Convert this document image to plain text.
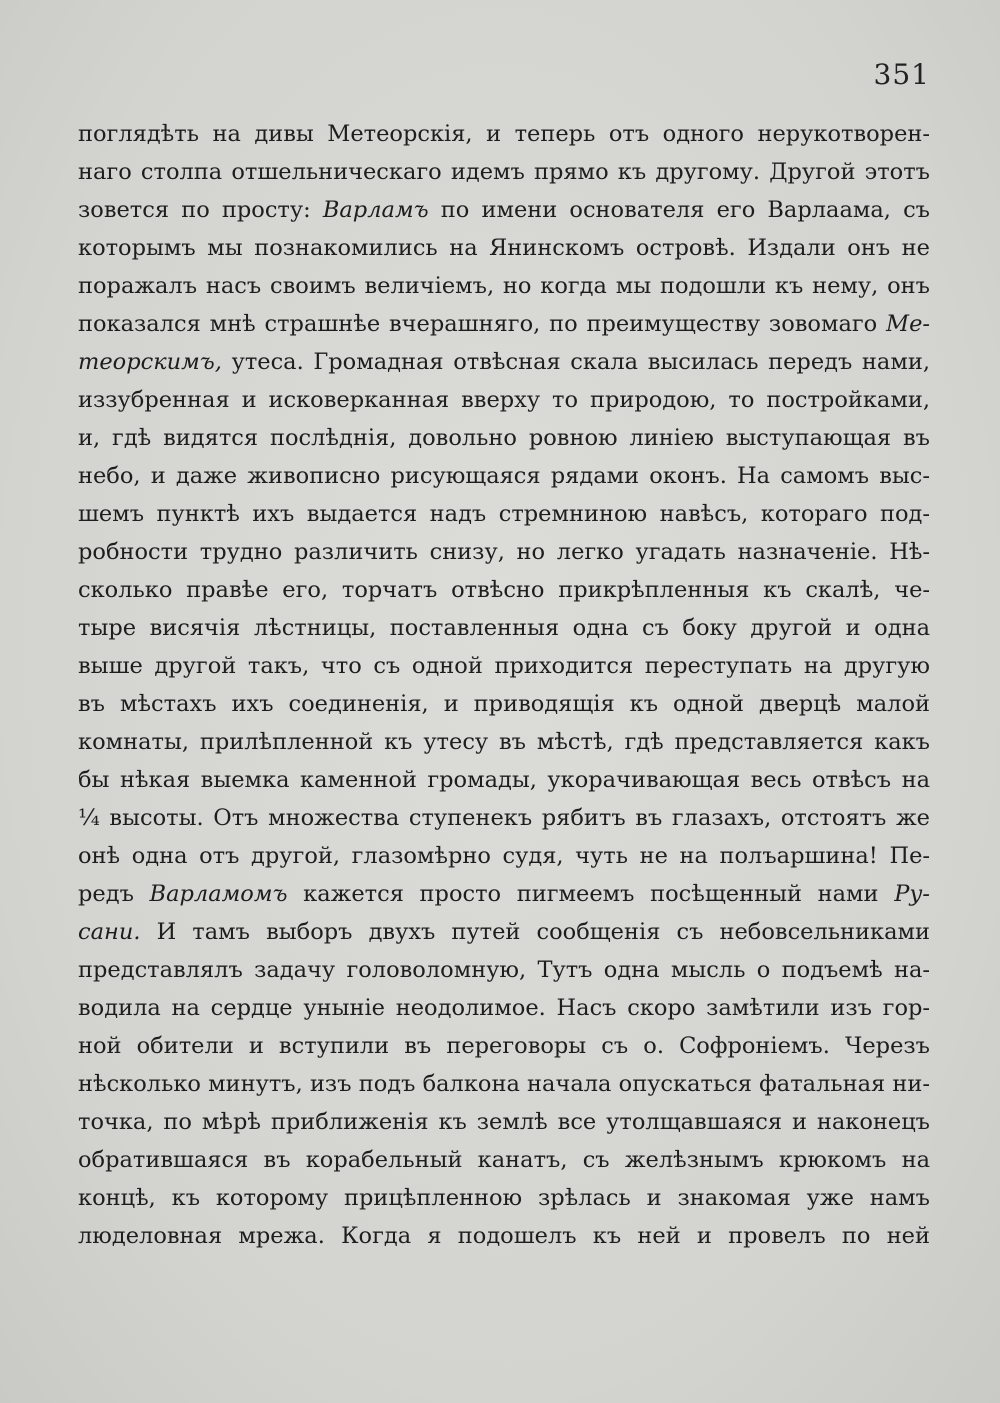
351
поглядѣть на дивы Метеорскія, и теперь отъ одного нерукотворен-
наго столпа отшельническаго идемъ прямо къ другому. Другой этотъ
зовется по просту: Варламъ по имени основателя его Варлаама, съ
которымъ мы познакомились на Янинскомъ островѣ. Издали онъ не
поражалъ насъ своимъ величіемъ, но когда мы подошли къ нему, онъ
показался мнѣ страшнѣе вчерашняго, по преимуществу зовомаго Ме-
теорскимъ, утеса. Громадная отвѣсная скала высилась передъ нами,
иззубренная и исковерканная вверху то природою, то постройками,
и, гдѣ видятся послѣднія, довольно ровною линіею выступающая въ
небо, и даже живописно рисующаяся рядами оконъ. На самомъ выс-
шемъ пунктѣ ихъ выдается надъ стремниною навѣсъ, котораго под-
робности трудно различить снизу, но легко угадать назначеніе. Нѣ-
сколько правѣе его, торчатъ отвѣсно прикрѣпленныя къ скалѣ, че-
тыре висячія лѣстницы, поставленныя одна съ боку другой и одна
выше другой такъ, что съ одной приходится переступать на другую
въ мѣстахъ ихъ соединенія, и приводящія къ одной дверцѣ малой
комнаты, прилѣпленной къ утесу въ мѣстѣ, гдѣ представляется какъ
бы нѣкая выемка каменной громады, укорачивающая весь отвѣсъ на
¼ высоты. Отъ множества ступенекъ рябитъ въ глазахъ, отстоятъ же
онѣ одна отъ другой, глазомѣрно судя, чуть не на полъаршина! Пе-
редъ Варламомъ кажется просто пигмеемъ посѣщенный нами Ру-
сани. И тамъ выборъ двухъ путей сообщенія съ небовсельниками
представлялъ задачу головоломную, Тутъ одна мысль о подъемѣ на-
водила на сердце уныніе неодолимое. Насъ скоро замѣтили изъ гор-
ной обители и вступили въ переговоры съ о. Софроніемъ. Черезъ
нѣсколько минутъ, изъ подъ балкона начала опускаться фатальная ни-
точка, по мѣрѣ приближенія къ землѣ все утолщавшаяся и наконецъ
обратившаяся въ корабельный канатъ, съ желѣзнымъ крюкомъ на
концѣ, къ которому прицѣпленною зрѣлась и знакомая уже намъ
люделовная мрежа. Когда я подошелъ къ ней и провелъ по ней
